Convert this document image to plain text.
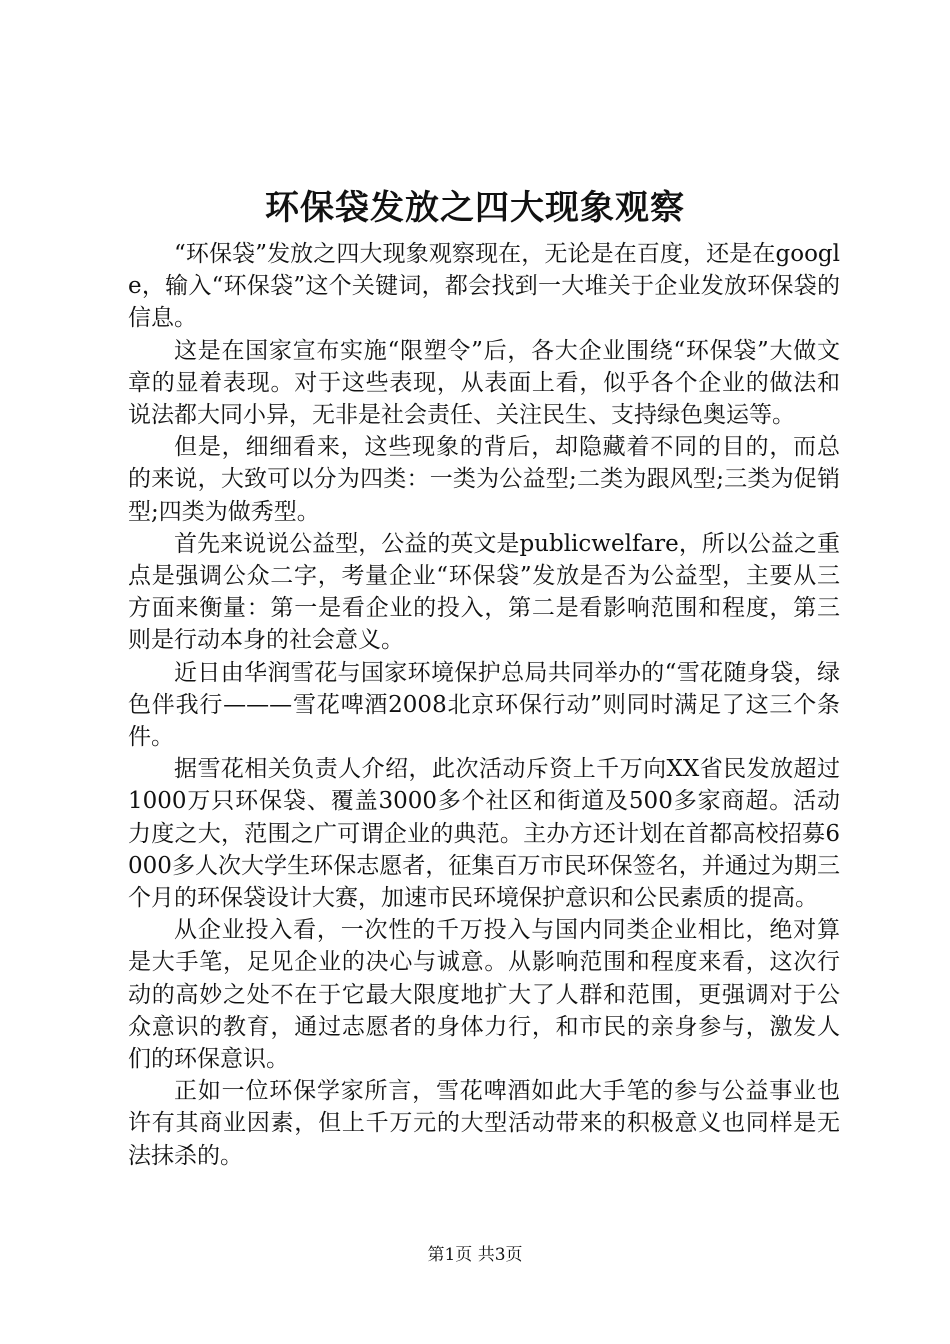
环保袋发放之四大现象观察

“环保袋”发放之四大现象观察现在，无论是在百度，还是在google，输入“环保袋”这个关键词，都会找到一大堆关于企业发放环保袋的信息。

这是在国家宣布实施“限塑令”后，各大企业围绕“环保袋”大做文章的显着表现。对于这些表现，从表面上看，似乎各个企业的做法和说法都大同小异，无非是社会责任、关注民生、支持绿色奥运等。

但是，细细看来，这些现象的背后，却隐藏着不同的目的，而总的来说，大致可以分为四类：一类为公益型;二类为跟风型;三类为促销型;四类为做秀型。

首先来说说公益型，公益的英文是publicwelfare，所以公益之重点是强调公众二字，考量企业“环保袋”发放是否为公益型，主要从三方面来衡量：第一是看企业的投入，第二是看影响范围和程度，第三则是行动本身的社会意义。

近日由华润雪花与国家环境保护总局共同举办的“雪花随身袋，绿色伴我行———雪花啤酒2008北京环保行动”则同时满足了这三个条件。

据雪花相关负责人介绍，此次活动斥资上千万向XX省民发放超过1000万只环保袋、覆盖3000多个社区和街道及500多家商超。活动力度之大，范围之广可谓企业的典范。主办方还计划在首都高校招募6000多人次大学生环保志愿者，征集百万市民环保签名，并通过为期三个月的环保袋设计大赛，加速市民环境保护意识和公民素质的提高。

从企业投入看，一次性的千万投入与国内同类企业相比，绝对算是大手笔，足见企业的决心与诚意。从影响范围和程度来看，这次行动的高妙之处不在于它最大限度地扩大了人群和范围，更强调对于公众意识的教育，通过志愿者的身体力行，和市民的亲身参与，激发人们的环保意识。

正如一位环保学家所言，雪花啤酒如此大手笔的参与公益事业也许有其商业因素，但上千万元的大型活动带来的积极意义也同样是无法抹杀的。

第1页 共3页
